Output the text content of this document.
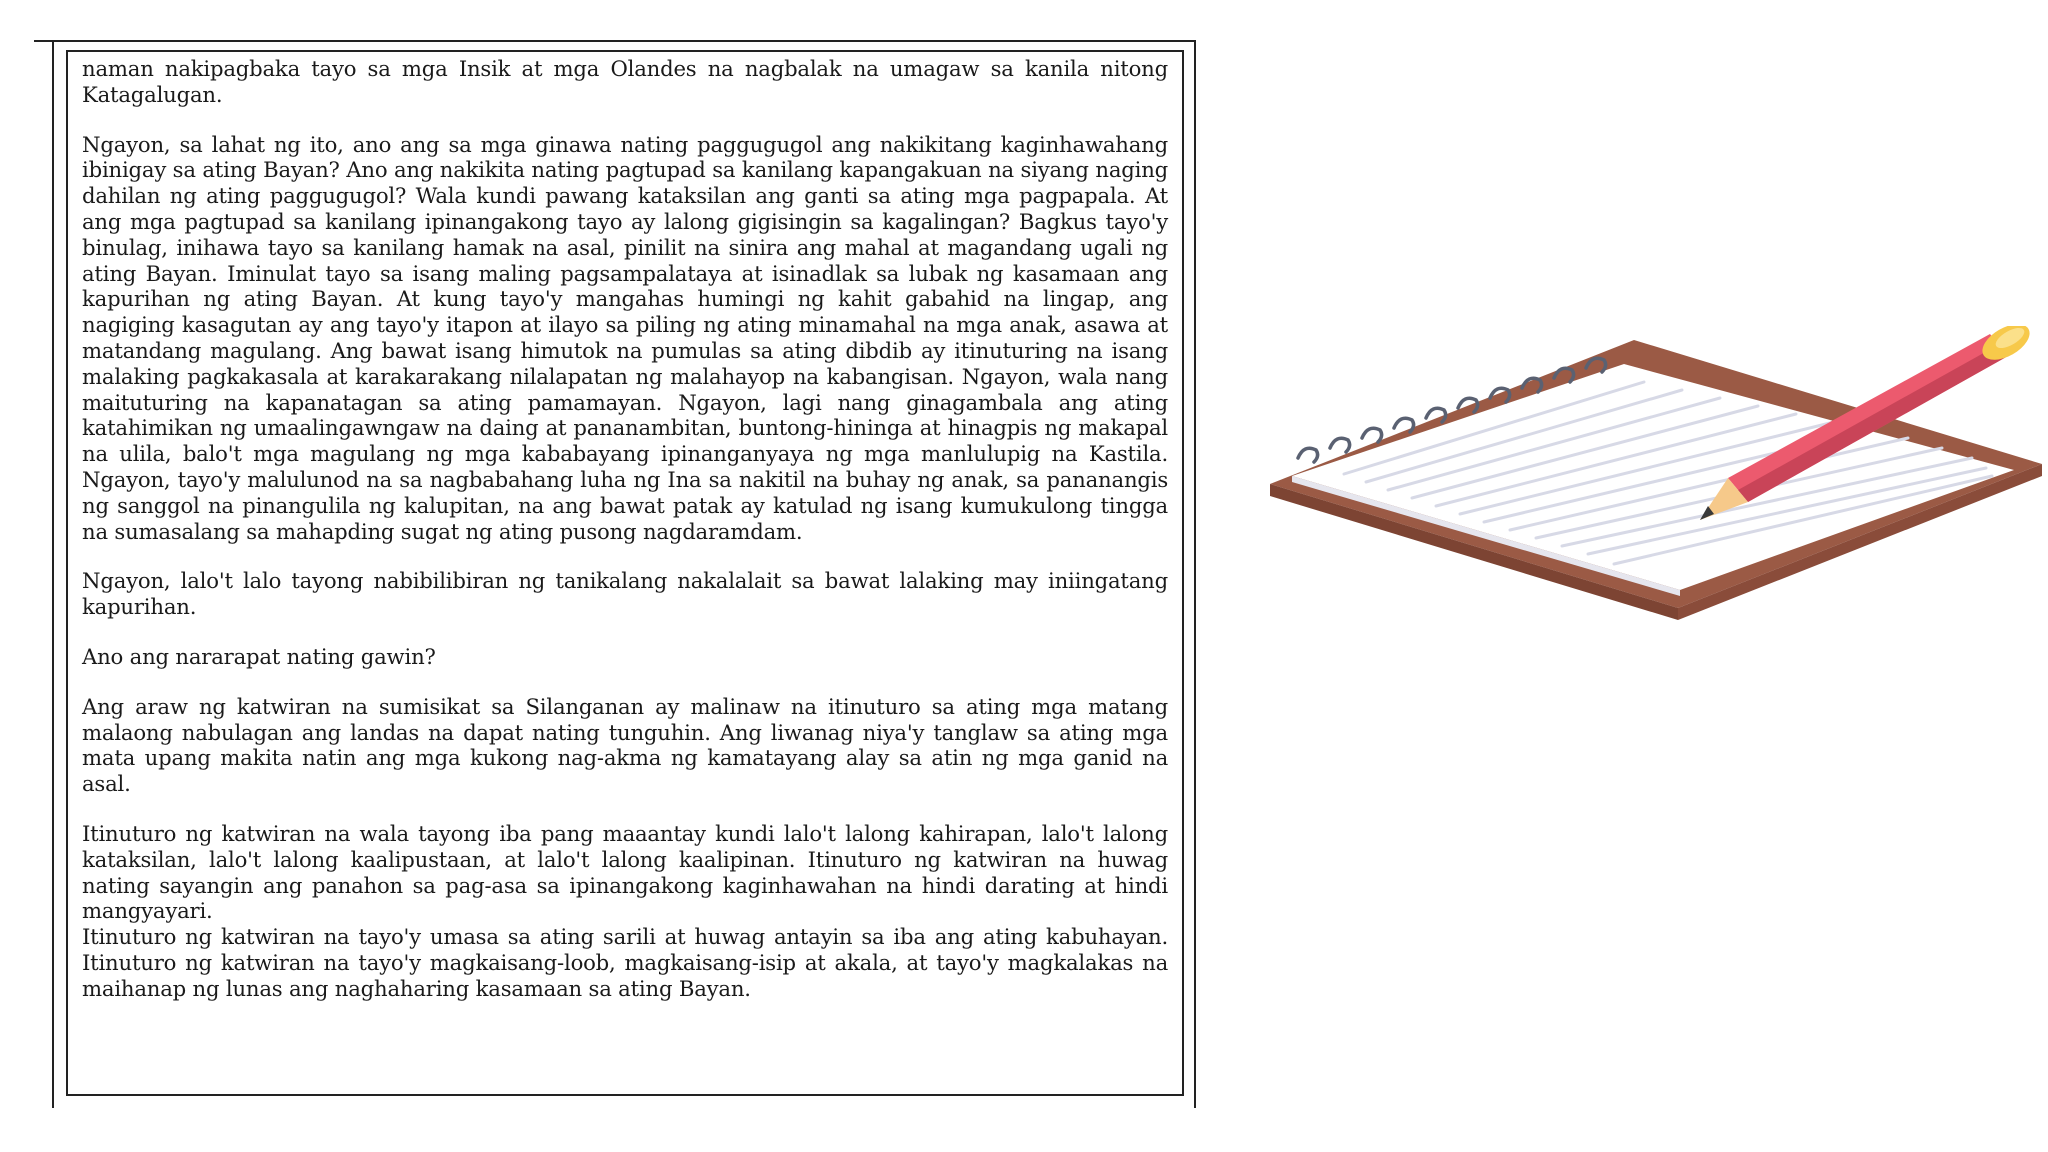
naman nakipagbaka tayo sa mga Insik at mga Olandes na nagbalak na umagaw sa kanila nitong Katagalugan.

Ngayon, sa lahat ng ito, ano ang sa mga ginawa nating paggugugol ang nakikitang kaginhawahang ibinigay sa ating Bayan? Ano ang nakikita nating pagtupad sa kanilang kapangakuan na siyang naging dahilan ng ating paggugugol? Wala kundi pawang kataksilan ang ganti sa ating mga pagpapala. At ang mga pagtupad sa kanilang ipinangakong tayo ay lalong gigisingin sa kagalingan? Bagkus tayo'y binulag, inihawa tayo sa kanilang hamak na asal, pinilit na sinira ang mahal at magandang ugali ng ating Bayan. Iminulat tayo sa isang maling pagsampalataya at isinadlak sa lubak ng kasamaan ang kapurihan ng ating Bayan. At kung tayo'y mangahas humingi ng kahit gabahid na lingap, ang nagiging kasagutan ay ang tayo'y itapon at ilayo sa piling ng ating minamahal na mga anak, asawa at matandang magulang. Ang bawat isang himutok na pumulas sa ating dibdib ay itinuturing na isang malaking pagkakasala at karakarakang nilalapatan ng malahayop na kabangisan. Ngayon, wala nang maituturing na kapanatagan sa ating pamamayan. Ngayon, lagi nang ginagambala ang ating katahimikan ng umaalingawngaw na daing at pananambitan, buntong-hininga at hinagpis ng makapal na ulila, balo't mga magulang ng mga kababayang ipinanganyaya ng mga manlulupig na Kastila. Ngayon, tayo'y malulunod na sa nagbabahang luha ng Ina sa nakitil na buhay ng anak, sa pananangis ng sanggol na pinangulila ng kalupitan, na ang bawat patak ay katulad ng isang kumukulong tingga na sumasalang sa mahapding sugat ng ating pusong nagdaramdam.

Ngayon, lalo't lalo tayong nabibilibiran ng tanikalang nakalalait sa bawat lalaking may iniingatang kapurihan.

Ano ang nararapat nating gawin?

Ang araw ng katwiran na sumisikat sa Silanganan ay malinaw na itinuturo sa ating mga matang malaong nabulagan ang landas na dapat nating tunguhin. Ang liwanag niya'y tanglaw sa ating mga mata upang makita natin ang mga kukong nag-akma ng kamatayang alay sa atin ng mga ganid na asal.

Itinuturo ng katwiran na wala tayong iba pang maaantay kundi lalo't lalong kahirapan, lalo't lalong kataksilan, lalo't lalong kaalipustaan, at lalo't lalong kaalipinan. Itinuturo ng katwiran na huwag nating sayangin ang panahon sa pag-asa sa ipinangakong kaginhawahan na hindi darating at hindi mangyayari.

Itinuturo ng katwiran na tayo'y umasa sa ating sarili at huwag antayin sa iba ang ating kabuhayan. Itinuturo ng katwiran na tayo'y magkaisang-loob, magkaisang-isip at akala, at tayo'y magkalakas na maihanap ng lunas ang naghaharing kasamaan sa ating Bayan.
